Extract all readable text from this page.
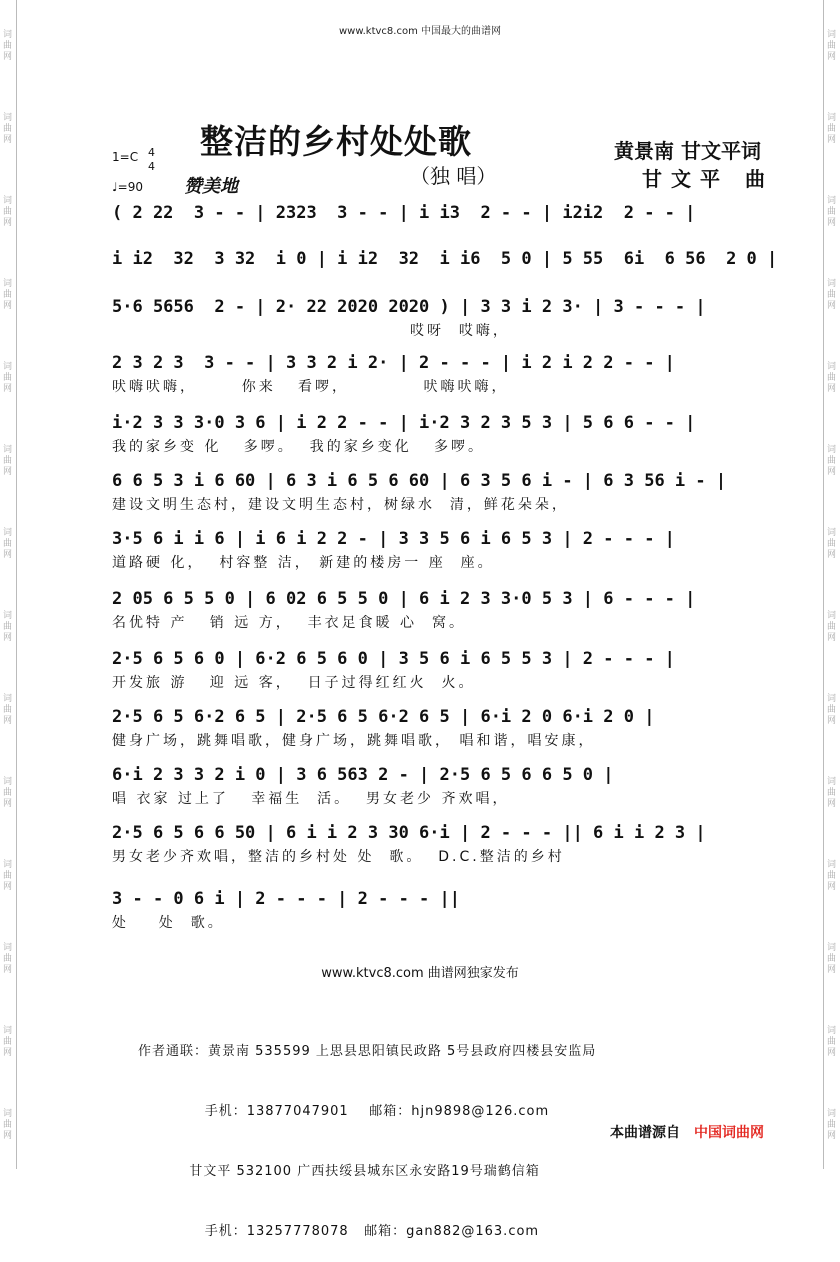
词曲网
词曲网
词曲网
词曲网
词曲网
词曲网
词曲网
词曲网
词曲网
词曲网
词曲网
词曲网
词曲网
词曲网
词曲网
词曲网
词曲网
词曲网
词曲网
词曲网
词曲网
词曲网
词曲网
词曲网
词曲网
词曲网
词曲网
词曲网
www.ktvc8.com 中国最大的曲谱网
整洁的乡村处处歌	黄景南 甘文平词
甘文平 曲
1=C 4
4
♩=90 赞美地	（独 唱）
( 2 22  3 - - | 2323  3 - - | i i3  2 - - | i2i2  2 - - |
i i2  32  3 32  i 0 | i i2  32  i i6  5 0 | 5 55  6i  6 56  2 0 |
5·6 5656  2 - | 2· 22 2020 2020 ) | 3 3 i 2 3· | 3 - - - |
哎呀  哎嗨，
2 3 2 3  3 - - | 3 3 2 i 2· | 2 - - - | i 2 i 2 2 - - |
吠嗨吠嗨，      你来   看啰，          吠嗨吠嗨，
i·2 3 3 3·0 3 6 | i 2 2 - - | i·2 3 2 3 5 3 | 5 6 6 - - |
我的家乡变 化   多啰。  我的家乡变化   多啰。
6 6 5 3 i 6 60 | 6 3 i 6 5 6 60 | 6 3 5 6 i - | 6 3 56 i - |
建设文明生态村，建设文明生态村，树绿水  清，鲜花朵朵，
3·5 6 i i 6 | i 6 i 2 2 - | 3 3 5 6 i 6 5 3 | 2 - - - |
道路硬 化，  村容整 洁， 新建的楼房一 座  座。
2 05 6 5 5 0 | 6 02 6 5 5 0 | 6 i 2 3 3·0 5 3 | 6 - - - |
名优特 产   销 远 方，  丰衣足食暖 心  窝。
2·5 6 5 6 0 | 6·2 6 5 6 0 | 3 5 6 i 6 5 5 3 | 2 - - - |
开发旅 游   迎 远 客，  日子过得红红火  火。
2·5 6 5 6·2 6 5 | 2·5 6 5 6·2 6 5 | 6·i 2 0 6·i 2 0 |
健身广场，跳舞唱歌，健身广场，跳舞唱歌， 唱和谐，唱安康，
6·i 2 3 3 2 i 0 | 3 6 563 2 - | 2·5 6 5 6 6 5 0 |
唱 衣家 过上了   幸福生  活。  男女老少 齐欢唱，
2·5 6 5 6 6 50 | 6 i i 2 3 30 6·i | 2 - - - || 6 i i 2 3 |
男女老少齐欢唱，整洁的乡村处 处  歌。  D.C.整洁的乡村
3 - - 0 6 i | 2 - - - | 2 - - - ||
处    处  歌。
www.ktvc8.com 曲谱网独家发布

作者通联：黄景南 535599 上思县思阳镇民政路 5号县政府四楼县安监局

手机：13877047901    邮箱：hjn9898@126.com

甘文平 532100 广西扶绥县城东区永安路19号瑞鹤信箱

手机：13257778078   邮箱：gan882@163.com

本曲谱源自 中国词曲网
